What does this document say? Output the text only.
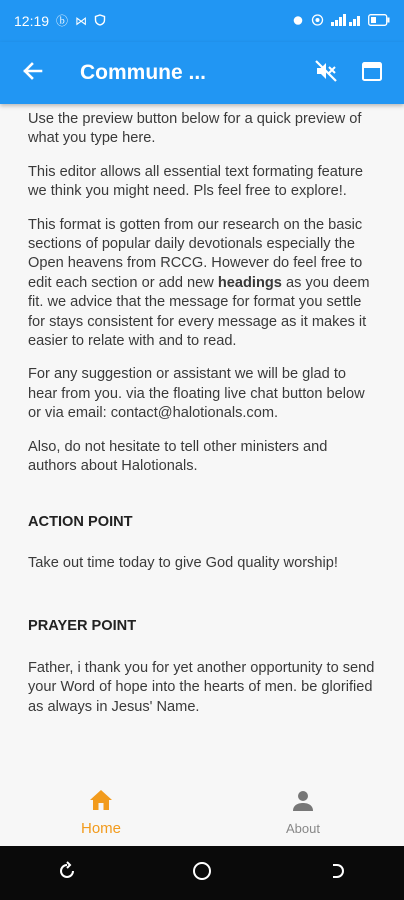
12:19 ⓑ ⋈
Commune ...

Use the preview button below for a quick preview of what you type here.

This editor allows all essential text formating feature we think you might need. Pls feel free to explore!.

This format is gotten from our research on the basic sections of popular daily devotionals especially the Open heavens from RCCG. However do feel free to edit each section or add new headings as you deem fit. we advice that the message for format you settle for stays consistent for every message as it makes it easier to relate with and to read.

For any suggestion or assistant we will be glad to hear from you. via the floating live chat button below or via email: contact@halotionals.com.

Also, do not hesitate to tell other ministers and authors about Halotionals.

ACTION POINT

Take out time today to give God quality worship!

PRAYER POINT

Father, i thank you for yet another opportunity to send your Word of hope into the hearts of men. be glorified as always in Jesus' Name.

Home	About
